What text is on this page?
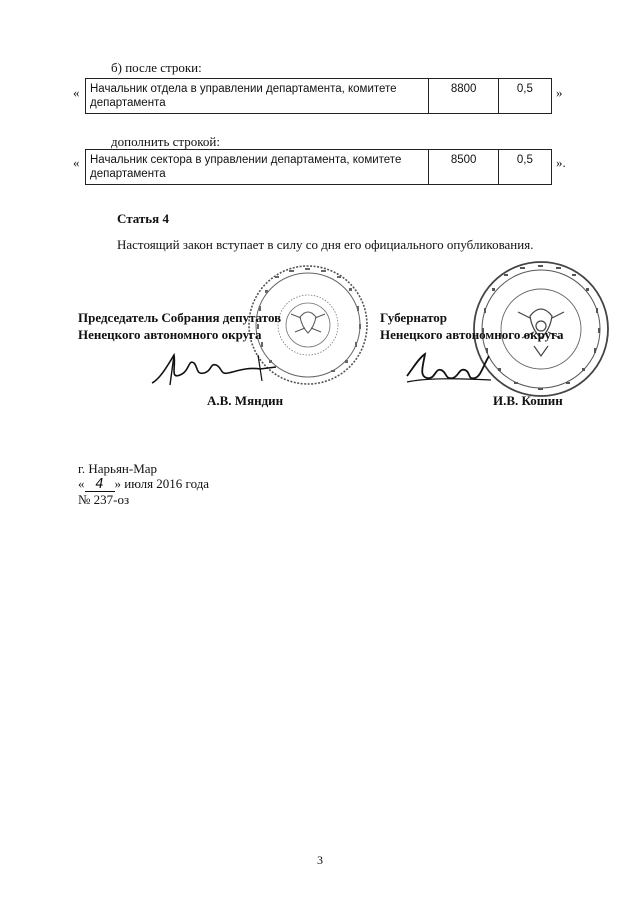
б) после строки:
« Начальник отдела в управлении департамента, комитете департамента	8800	0,5 »
дополнить строкой:
« Начальник сектора в управлении департамента, комитете департамента	8500	0,5 ».
Статья 4
Настоящий закон вступает в силу со дня его официального опубликования.
Председатель Собрания депутатов
Ненецкого автономного округа
Губернатор
Ненецкого автономного округа
А.В. Мяндин	И.В. Кошин
г. Нарьян-Мар
« 4 » июля 2016 года
№ 237-оз
3
